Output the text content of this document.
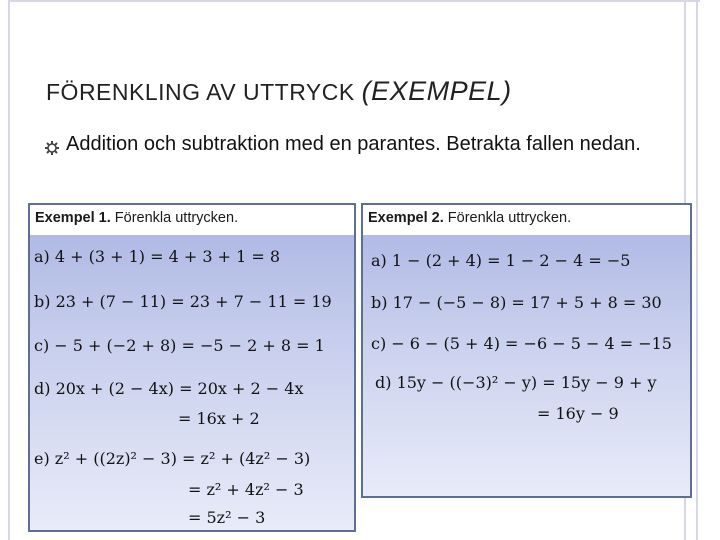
FÖRENKLING AV UTTRYCK (EXEMPEL)
Addition och subtraktion med en parantes. Betrakta fallen nedan.
Exempel 1. Förenkla uttrycken.
a) 4 + (3 + 1) = 4 + 3 + 1 = 8
b) 23 + (7 − 11) = 23 + 7 − 11 = 19
c) − 5 + (−2 + 8) = −5 − 2 + 8 = 1
d) 20x + (2 − 4x) = 20x + 2 − 4x
= 16x + 2
e) z² + ((2z)² − 3) = z² + (4z² − 3)
= z² + 4z² − 3
= 5z² − 3
Exempel 2. Förenkla uttrycken.
a) 1 − (2 + 4) = 1 − 2 − 4 = −5
b) 17 − (−5 − 8) = 17 + 5 + 8 = 30
c) − 6 − (5 + 4) = −6 − 5 − 4 = −15
d) 15y − ((−3)² − y) = 15y − 9 + y
= 16y − 9
